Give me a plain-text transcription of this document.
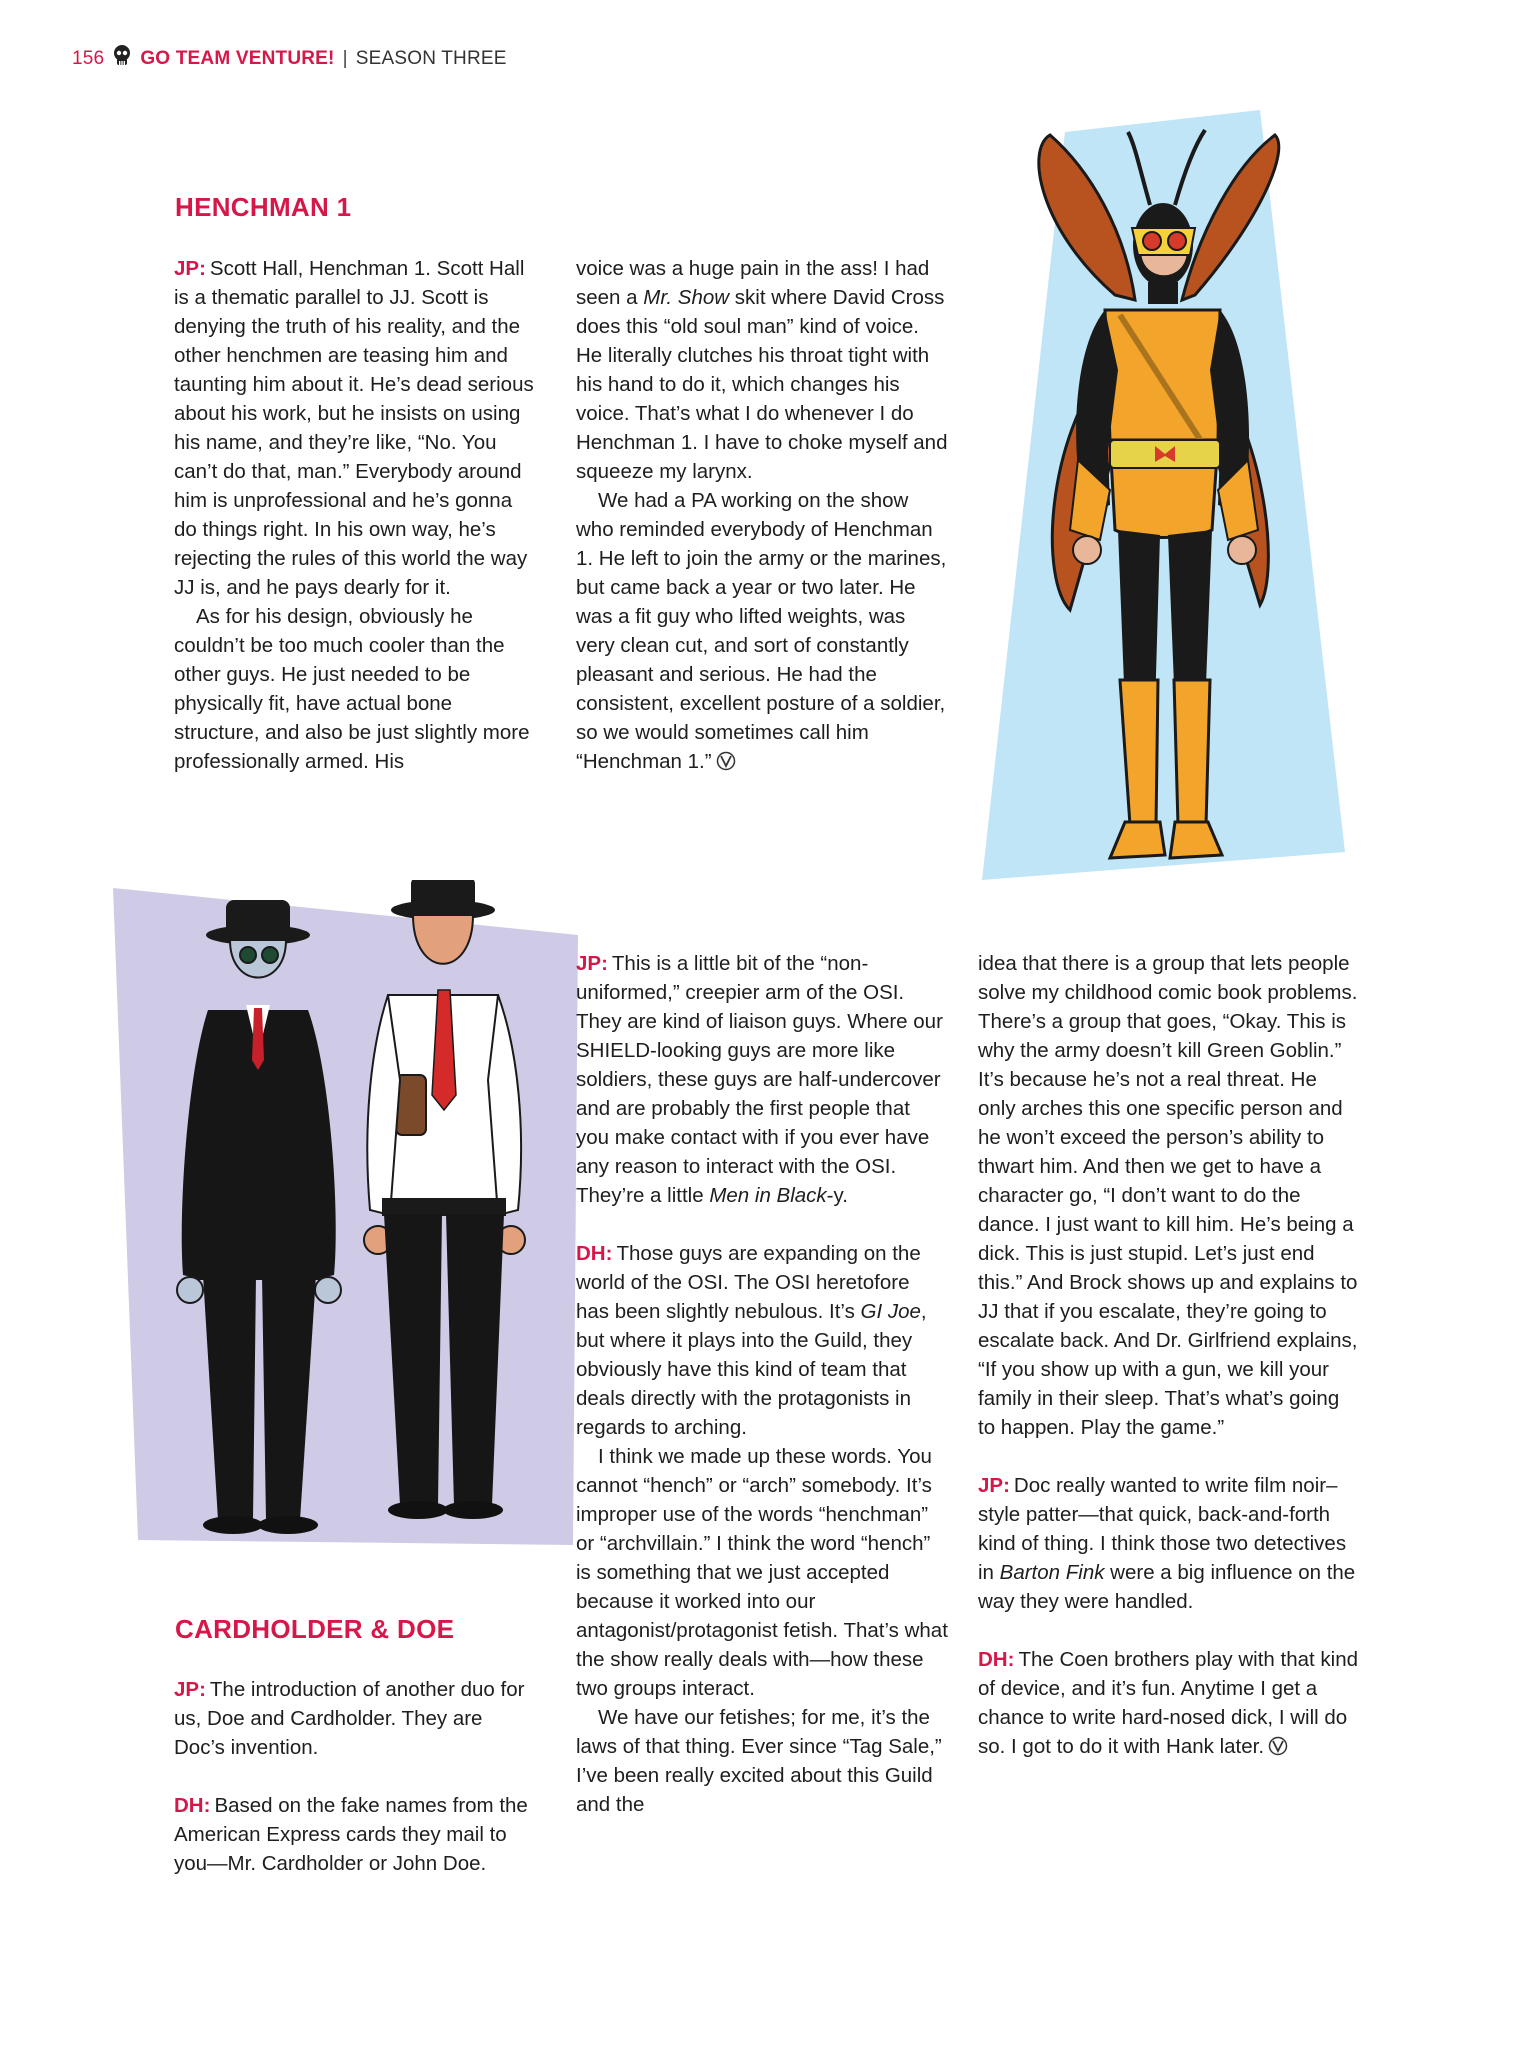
156 GO TEAM VENTURE! | SEASON THREE
HENCHMAN 1

JP: Scott Hall, Henchman 1. Scott Hall is a thematic parallel to JJ. Scott is denying the truth of his reality, and the other henchmen are teasing him and taunting him about it. He’s dead serious about his work, but he insists on using his name, and they’re like, “No. You can’t do that, man.” Everybody around him is unprofessional and he’s gonna do things right. In his own way, he’s rejecting the rules of this world the way JJ is, and he pays dearly for it.

As for his design, obviously he couldn’t be too much cooler than the other guys. He just needed to be physically fit, have actual bone structure, and also be just slightly more professionally armed. His

voice was a huge pain in the ass! I had seen a Mr. Show skit where David Cross does this “old soul man” kind of voice. He literally clutches his throat tight with his hand to do it, which changes his voice. That’s what I do whenever I do Henchman 1. I have to choke myself and squeeze my larynx.

We had a PA working on the show who reminded everybody of Henchman 1. He left to join the army or the marines, but came back a year or two later. He was a fit guy who lifted weights, was very clean cut, and sort of constantly pleasant and serious. He had the consistent, excellent posture of a soldier, so we would sometimes call him “Henchman 1.”

CARDHOLDER & DOE

JP: The introduction of another duo for us, Doe and Cardholder. They are Doc’s invention.

DH: Based on the fake names from the American Express cards they mail to you—Mr. Cardholder or John Doe.

JP: This is a little bit of the “non-uniformed,” creepier arm of the OSI. They are kind of liaison guys. Where our SHIELD-looking guys are more like soldiers, these guys are half-undercover and are probably the first people that you make contact with if you ever have any reason to interact with the OSI. They’re a little Men in Black-y.

DH: Those guys are expanding on the world of the OSI. The OSI heretofore has been slightly nebulous. It’s GI Joe, but where it plays into the Guild, they obviously have this kind of team that deals directly with the protagonists in regards to arching.

I think we made up these words. You cannot “hench” or “arch” somebody. It’s improper use of the words “henchman” or “archvillain.” I think the word “hench” is something that we just accepted because it worked into our antagonist/protagonist fetish. That’s what the show really deals with—how these two groups interact.

We have our fetishes; for me, it’s the laws of that thing. Ever since “Tag Sale,” I’ve been really excited about this Guild and the

idea that there is a group that lets people solve my childhood comic book problems. There’s a group that goes, “Okay. This is why the army doesn’t kill Green Goblin.” It’s because he’s not a real threat. He only arches this one specific person and he won’t exceed the person’s ability to thwart him. And then we get to have a character go, “I don’t want to do the dance. I just want to kill him. He’s being a dick. This is just stupid. Let’s just end this.” And Brock shows up and explains to JJ that if you escalate, they’re going to escalate back. And Dr. Girlfriend explains, “If you show up with a gun, we kill your family in their sleep. That’s what’s going to happen. Play the game.”

JP: Doc really wanted to write film noir–style patter—that quick, back-and-forth kind of thing. I think those two detectives in Barton Fink were a big influence on the way they were handled.

DH: The Coen brothers play with that kind of device, and it’s fun. Anytime I get a chance to write hard-nosed dick, I will do so. I got to do it with Hank later.
